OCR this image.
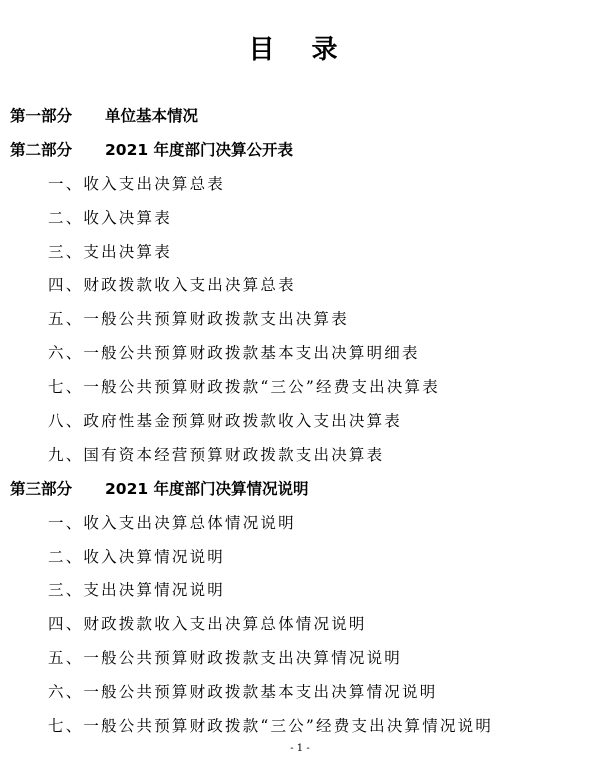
目 录
第一部分 单位基本情况
第二部分 2021 年度部门决算公开表
一、收入支出决算总表
二、收入决算表
三、支出决算表
四、财政拨款收入支出决算总表
五、一般公共预算财政拨款支出决算表
六、一般公共预算财政拨款基本支出决算明细表
七、一般公共预算财政拨款“三公”经费支出决算表
八、政府性基金预算财政拨款收入支出决算表
九、国有资本经营预算财政拨款支出决算表
第三部分 2021 年度部门决算情况说明
一、收入支出决算总体情况说明
二、收入决算情况说明
三、支出决算情况说明
四、财政拨款收入支出决算总体情况说明
五、一般公共预算财政拨款支出决算情况说明
六、一般公共预算财政拨款基本支出决算情况说明
七、一般公共预算财政拨款“三公”经费支出决算情况说明
- 1 -
